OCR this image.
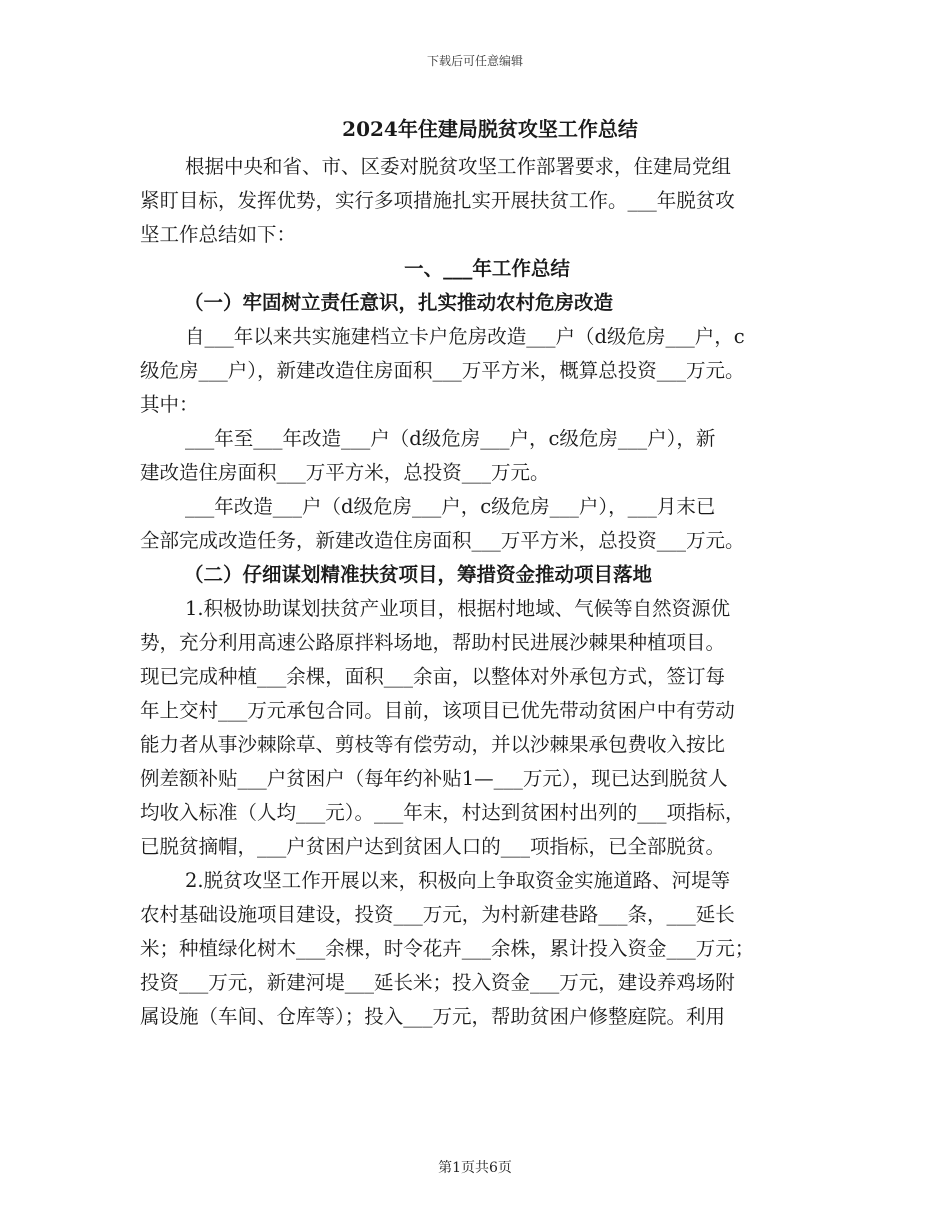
下载后可任意编辑
2024年住建局脱贫攻坚工作总结
根据中央和省、市、区委对脱贫攻坚工作部署要求，住建局党组
紧盯目标，发挥优势，实行多项措施扎实开展扶贫工作。___年脱贫攻
坚工作总结如下：
一、___年工作总结
（一）牢固树立责任意识，扎实推动农村危房改造
自___年以来共实施建档立卡户危房改造___户（d级危房___户，c
级危房___户），新建改造住房面积___万平方米，概算总投资___万元。
其中：
___年至___年改造___户（d级危房___户，c级危房___户），新
建改造住房面积___万平方米，总投资___万元。
___年改造___户（d级危房___户，c级危房___户），___月末已
全部完成改造任务，新建改造住房面积___万平方米，总投资___万元。
（二）仔细谋划精准扶贫项目，筹措资金推动项目落地
1.积极协助谋划扶贫产业项目，根据村地域、气候等自然资源优
势，充分利用高速公路原拌料场地，帮助村民进展沙棘果种植项目。
现已完成种植___余棵，面积___余亩，以整体对外承包方式，签订每
年上交村___万元承包合同。目前，该项目已优先带动贫困户中有劳动
能力者从事沙棘除草、剪枝等有偿劳动，并以沙棘果承包费收入按比
例差额补贴___户贫困户（每年约补贴1—___万元），现已达到脱贫人
均收入标准（人均___元）。___年末，村达到贫困村出列的___项指标，
已脱贫摘帽，___户贫困户达到贫困人口的___项指标，已全部脱贫。
2.脱贫攻坚工作开展以来，积极向上争取资金实施道路、河堤等
农村基础设施项目建设，投资___万元，为村新建巷路___条，___延长
米；种植绿化树木___余棵，时令花卉___余株，累计投入资金___万元；
投资___万元，新建河堤___延长米；投入资金___万元，建设养鸡场附
属设施（车间、仓库等）；投入___万元，帮助贫困户修整庭院。利用
第1页共6页
